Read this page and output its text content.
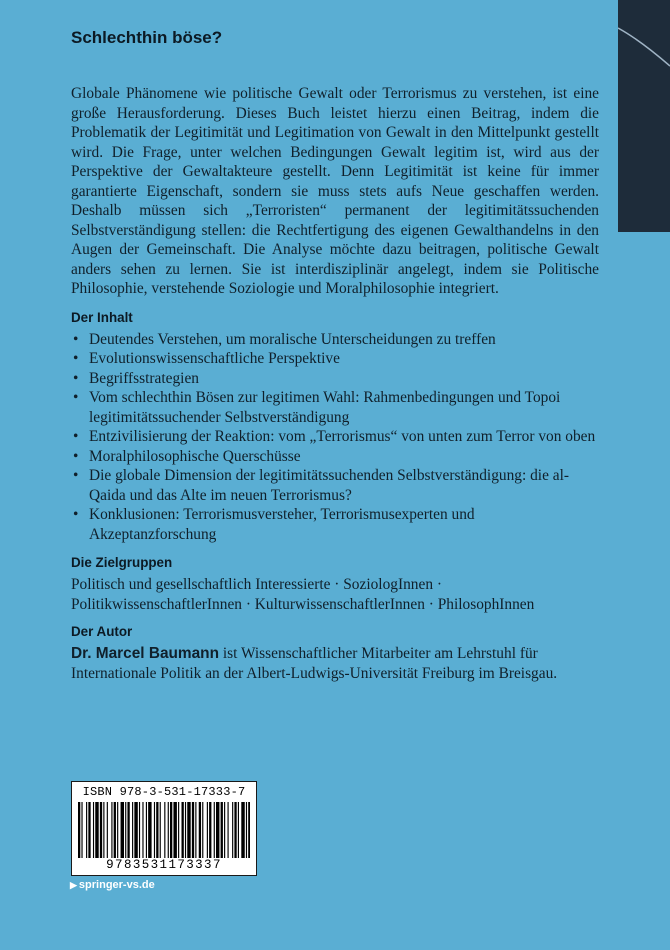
Schlechthin böse?

Globale Phänomene wie politische Gewalt oder Terrorismus zu verstehen, ist eine große Herausforderung. Dieses Buch leistet hierzu einen Beitrag, indem die Problematik der Legitimität und Legitimation von Gewalt in den Mittelpunkt gestellt wird. Die Frage, unter welchen Bedingungen Gewalt legitim ist, wird aus der Perspektive der Gewaltakteure gestellt. Denn Legitimität ist keine für immer garantierte Eigenschaft, sondern sie muss stets aufs Neue geschaffen werden. Deshalb müssen sich „Terroristen“ permanent der legitimitätssuchenden Selbstverständigung stellen: die Rechtfertigung des eigenen Gewalthandelns in den Augen der Gemeinschaft. Die Analyse möchte dazu beitragen, politische Gewalt anders sehen zu lernen. Sie ist interdisziplinär angelegt, indem sie Politische Philosophie, verstehende Soziologie und Moralphilosophie integriert.

Der Inhalt
• Deutendes Verstehen, um moralische Unterscheidungen zu treffen
• Evolutionswissenschaftliche Perspektive
• Begriffsstrategien
• Vom schlechthin Bösen zur legitimen Wahl: Rahmenbedingungen und Topoi legitimitätssuchender Selbstverständigung
• Entzivilisierung der Reaktion: vom „Terrorismus“ von unten zum Terror von oben
• Moralphilosophische Querschüsse
• Die globale Dimension der legitimitätssuchenden Selbstverständigung: die al-Qaida und das Alte im neuen Terrorismus?
• Konklusionen: Terrorismusversteher, Terrorismusexperten und Akzeptanzforschung
Die Zielgruppen

Politisch und gesellschaftlich Interessierte · SoziologInnen · PolitikwissenschaftlerInnen · KulturwissenschaftlerInnen · PhilosophInnen

Der Autor

Dr. Marcel Baumann ist Wissenschaftlicher Mitarbeiter am Lehrstuhl für Internationale Politik an der Albert-Ludwigs-Universität Freiburg im Breisgau.

ISBN 978-3-531-17333-7
9783531173337
▶ springer-vs.de
